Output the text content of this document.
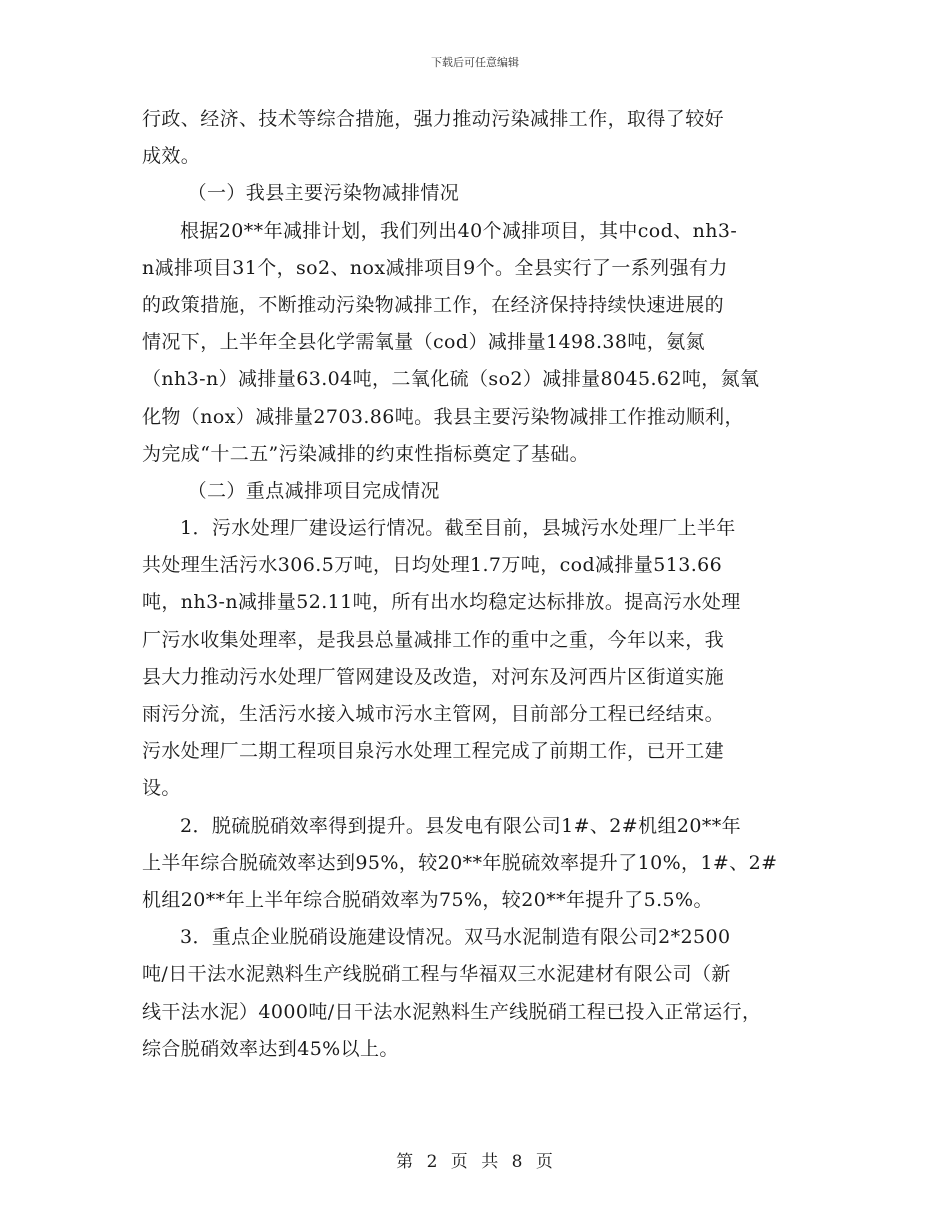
下载后可任意编辑
行政、经济、技术等综合措施，强力推动污染减排工作，取得了较好
成效。
（一）我县主要污染物减排情况
根据20**年减排计划，我们列出40个减排项目，其中cod、nh3-
n减排项目31个，so2、nox减排项目9个。全县实行了一系列强有力
的政策措施，不断推动污染物减排工作，在经济保持持续快速进展的
情况下，上半年全县化学需氧量（cod）减排量1498.38吨，氨氮
（nh3-n）减排量63.04吨，二氧化硫（so2）减排量8045.62吨，氮氧
化物（nox）减排量2703.86吨。我县主要污染物减排工作推动顺利，
为完成“十二五”污染减排的约束性指标奠定了基础。
（二）重点减排项目完成情况
1．污水处理厂建设运行情况。截至目前，县城污水处理厂上半年
共处理生活污水306.5万吨，日均处理1.7万吨，cod减排量513.66
吨，nh3-n减排量52.11吨，所有出水均稳定达标排放。提高污水处理
厂污水收集处理率，是我县总量减排工作的重中之重，今年以来，我
县大力推动污水处理厂管网建设及改造，对河东及河西片区街道实施
雨污分流，生活污水接入城市污水主管网，目前部分工程已经结束。
污水处理厂二期工程项目泉污水处理工程完成了前期工作，已开工建
设。
2．脱硫脱硝效率得到提升。县发电有限公司1#、2#机组20**年
上半年综合脱硫效率达到95%，较20**年脱硫效率提升了10%，1#、2#
机组20**年上半年综合脱硝效率为75%，较20**年提升了5.5%。
3．重点企业脱硝设施建设情况。双马水泥制造有限公司2*2500
吨/日干法水泥熟料生产线脱硝工程与华福双三水泥建材有限公司（新
线干法水泥）4000吨/日干法水泥熟料生产线脱硝工程已投入正常运行，
综合脱硝效率达到45%以上。
第 2 页 共 8 页
